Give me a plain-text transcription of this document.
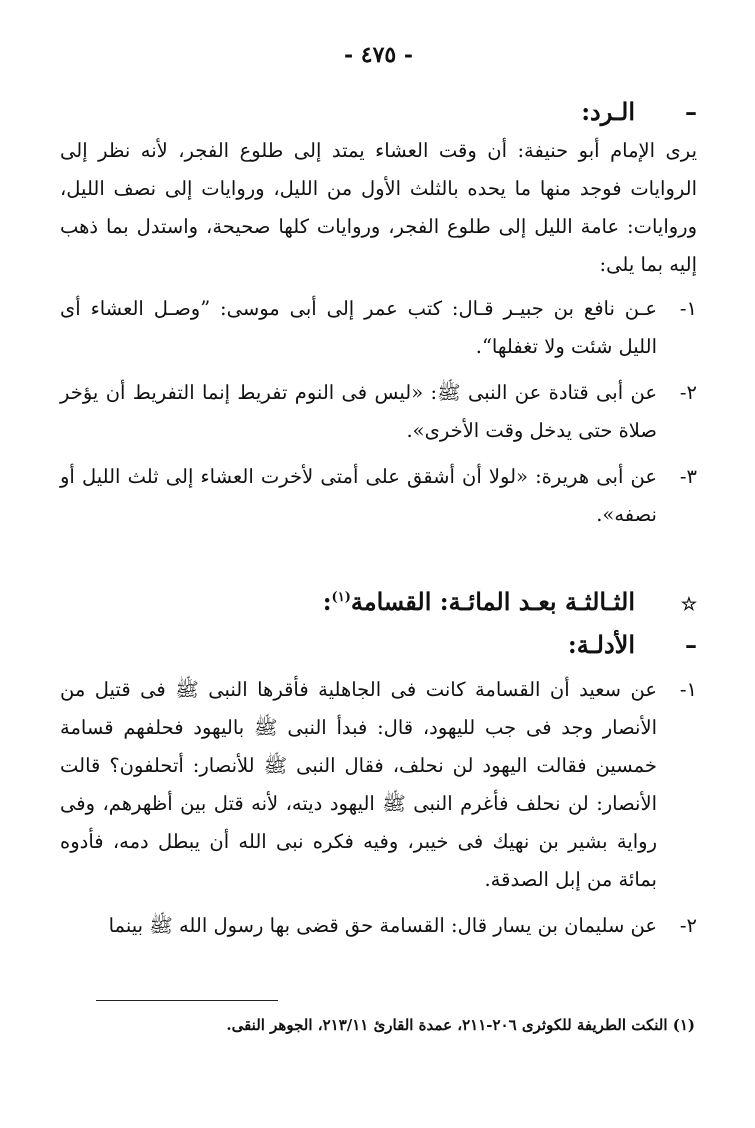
- ٤٧٥ -
–
الـرد:

يرى الإمام أبو حنيفة: أن وقت العشاء يمتد إلى طلوع الفجر، لأنه نظر إلى الروايات فوجد منها ما يحده بالثلث الأول من الليل، وروايات إلى نصف الليل، وروايات: عامة الليل إلى طلوع الفجر، وروايات كلها صحيحة، واستدل بما ذهب إليه بما يلى:

١-
عـن نافع بن جبيـر قـال: كتب عمر إلى أبى موسى: ”وصـل العشاء أى الليل شئت ولا تغفلها“.
٢-
عن أبى قتادة عن النبى ﷺ: «ليس فى النوم تفريط إنما التفريط أن يؤخر صلاة حتى يدخل وقت الأخرى».
٣-
عن أبى هريرة: «لولا أن أشقق على أمتى لأخرت العشاء إلى ثلث الليل أو نصفه».
☆
الثـالثـة بعـد المائـة: القسامة$^{(١)}$:
–
الأدلـة:
١-
عن سعيد أن القسامة كانت فى الجاهلية فأقرها النبى ﷺ فى قتيل من الأنصار وجد فى جب لليهود، قال: فبدأ النبى ﷺ باليهود فحلفهم قسامة خمسين فقالت اليهود لن نحلف، فقال النبى ﷺ للأنصار: أتحلفون؟ قالت الأنصار: لن نحلف فأغرم النبى ﷺ اليهود ديته، لأنه قتل بين أظهرهم، وفى رواية بشير بن نهيك فى خيبر، وفيه فكره نبى الله أن يبطل دمه، فأدوه بمائة من إبل الصدقة.
٢-
عن سليمان بن يسار قال: القسامة حق قضى بها رسول الله ﷺ بينما
(١) النكت الطريفة للكوثرى ٢٠٦-٢١١، عمدة القارئ ٢١٣/١١، الجوهر النقى.
